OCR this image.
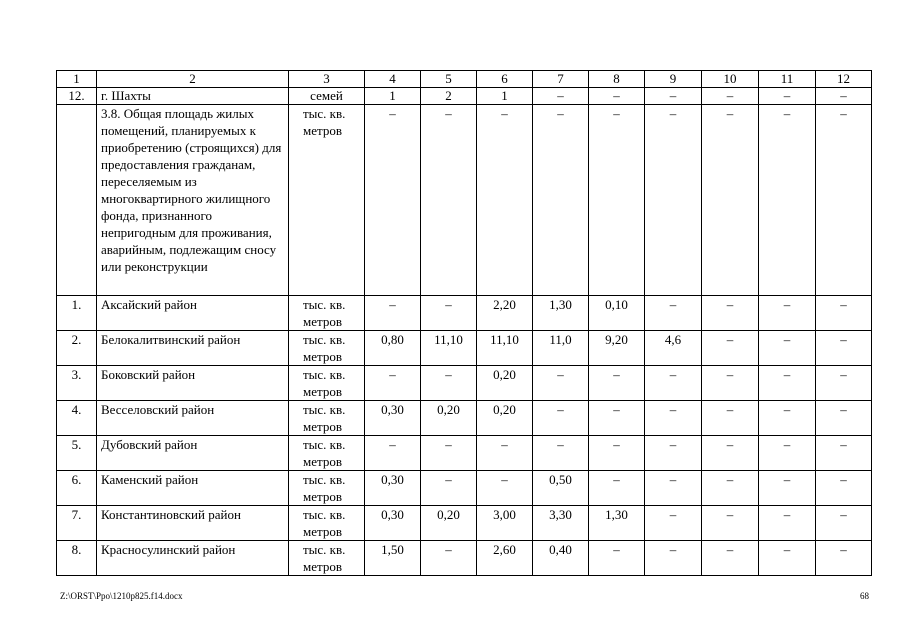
1	2	3	4	5	6	7	8	9	10	11	12
12.	г. Шахты	семей	1	2	1	–	–	–	–	–	–
	3.8. Общая площадь жилых помещений, планируемых к приобретению (строящихся) для предоставления гражданам, переселяемым из многоквартирного жилищного фонда, признанного непригодным для проживания, аварийным, подлежащим сносу или реконструкции	тыс. кв. метров	–	–	–	–	–	–	–	–	–
1.	Аксайский район	тыс. кв. метров	–	–	2,20	1,30	0,10	–	–	–	–
2.	Белокалитвинский район	тыс. кв. метров	0,80	11,10	11,10	11,0	9,20	4,6	–	–	–
3.	Боковский район	тыс. кв. метров	–	–	0,20	–	–	–	–	–	–
4.	Весселовский район	тыс. кв. метров	0,30	0,20	0,20	–	–	–	–	–	–
5.	Дубовский район	тыс. кв. метров	–	–	–	–	–	–	–	–	–
6.	Каменский район	тыс. кв. метров	0,30	–	–	0,50	–	–	–	–	–
7.	Константиновский район	тыс. кв. метров	0,30	0,20	3,00	3,30	1,30	–	–	–	–
8.	Красносулинский район	тыс. кв. метров	1,50	–	2,60	0,40	–	–	–	–	–
Z:\ORST\Ppo\1210p825.f14.docx	68
